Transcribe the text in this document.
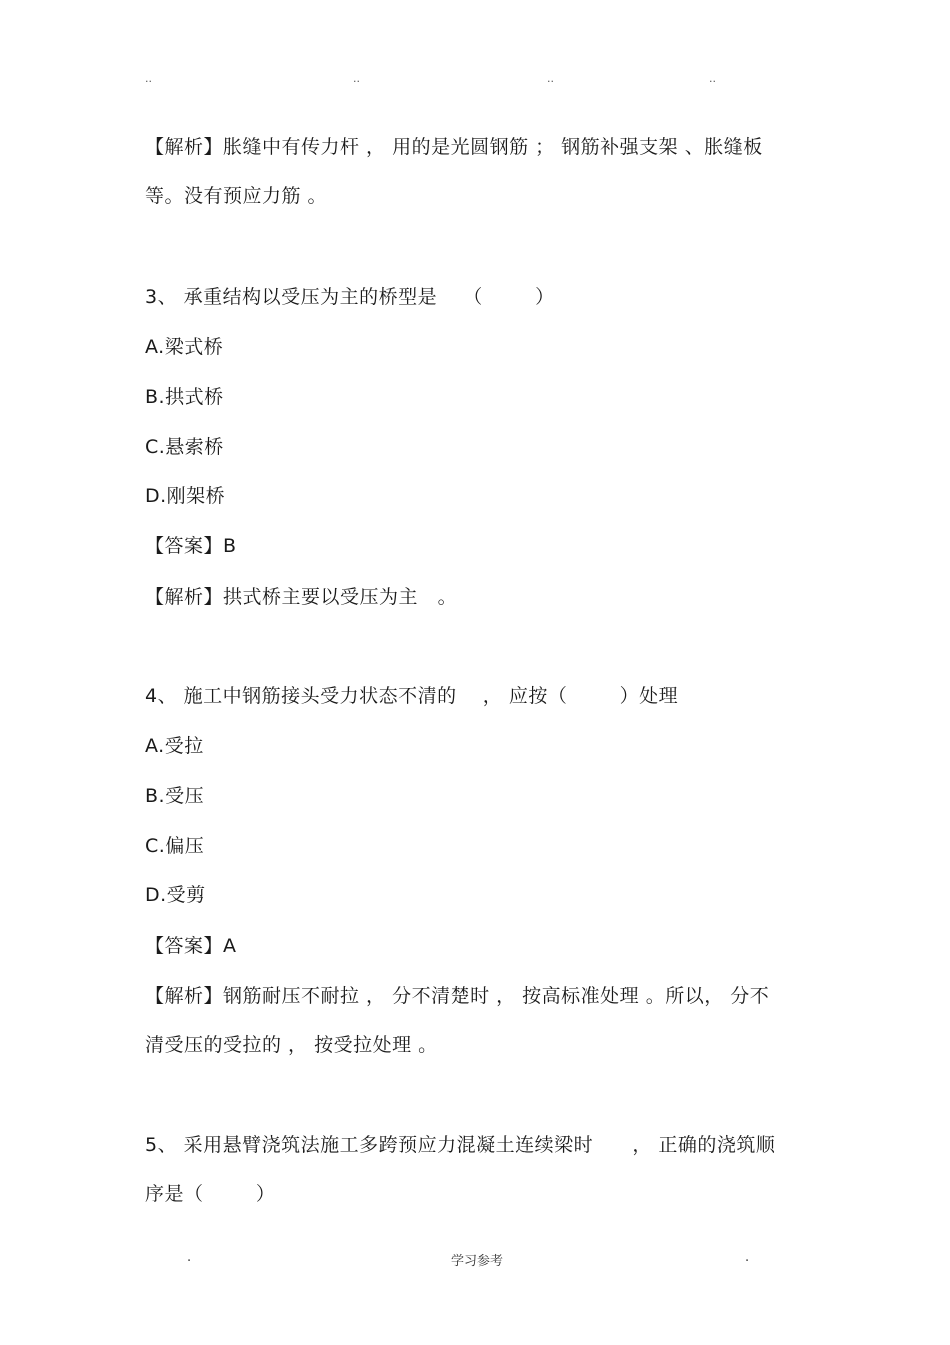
..	..	..	..
【解析】胀缝中有传力杆 ， 用的是光圆钢筋 ； 钢筋补强支架 、胀缝板
等。没有预应力筋 。
3、 承重结构以受压为主的桥型是    （        ）
A.梁式桥
B.拱式桥
C.悬索桥
D.刚架桥
【答案】B
【解析】拱式桥主要以受压为主   。
4、 施工中钢筋接头受力状态不清的    ， 应按（        ）处理
A.受拉
B.受压
C.偏压
D.受剪
【答案】A
【解析】钢筋耐压不耐拉 ， 分不清楚时 ， 按高标准处理 。所以， 分不
清受压的受拉的 ， 按受拉处理 。
5、 采用悬臂浇筑法施工多跨预应力混凝土连续梁时      ， 正确的浇筑顺
序是（        ）
.	学习参考	.
